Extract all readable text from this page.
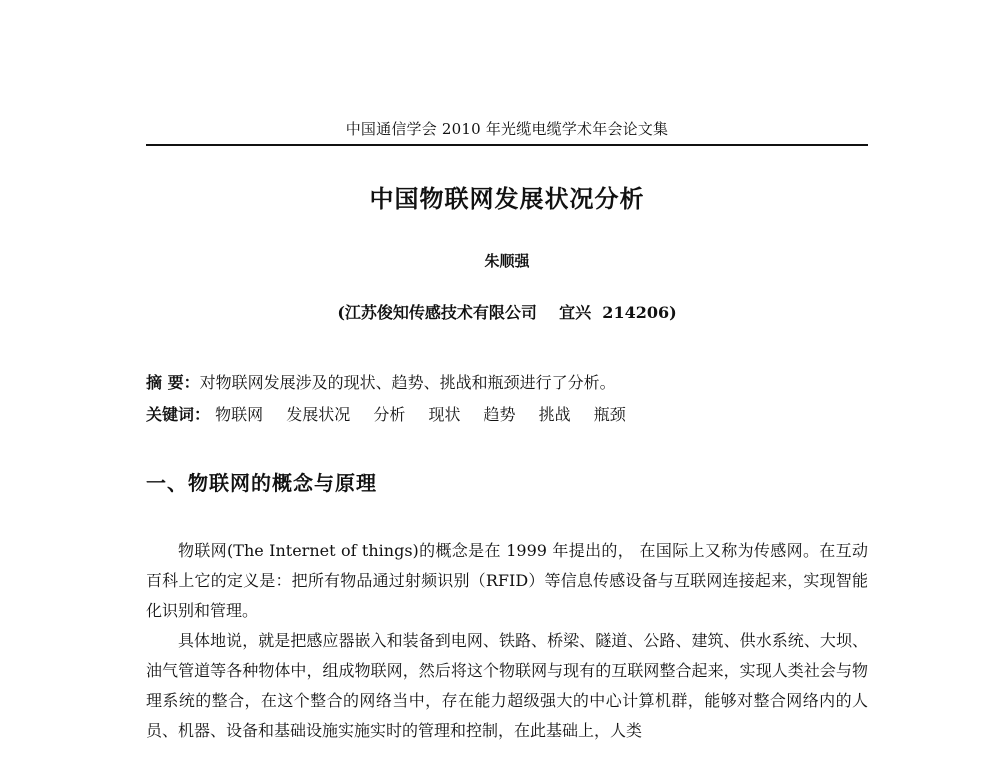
中国通信学会 2010 年光缆电缆学术年会论文集
中国物联网发展状况分析
朱顺强
(江苏俊知传感技术有限公司    宜兴  214206)
摘 要：对物联网发展涉及的现状、趋势、挑战和瓶颈进行了分析。
关键词： 物联网 发展状况 分析 现状 趋势 挑战 瓶颈
一、物联网的概念与原理

物联网(The Internet of things)的概念是在 1999 年提出的， 在国际上又称为传感网。在互动百科上它的定义是：把所有物品通过射频识别（RFID）等信息传感设备与互联网连接起来，实现智能化识别和管理。

具体地说，就是把感应器嵌入和装备到电网、铁路、桥梁、隧道、公路、建筑、供水系统、大坝、油气管道等各种物体中，组成物联网，然后将这个物联网与现有的互联网整合起来，实现人类社会与物理系统的整合，在这个整合的网络当中，存在能力超级强大的中心计算机群，能够对整合网络内的人员、机器、设备和基础设施实施实时的管理和控制，在此基础上，人类
